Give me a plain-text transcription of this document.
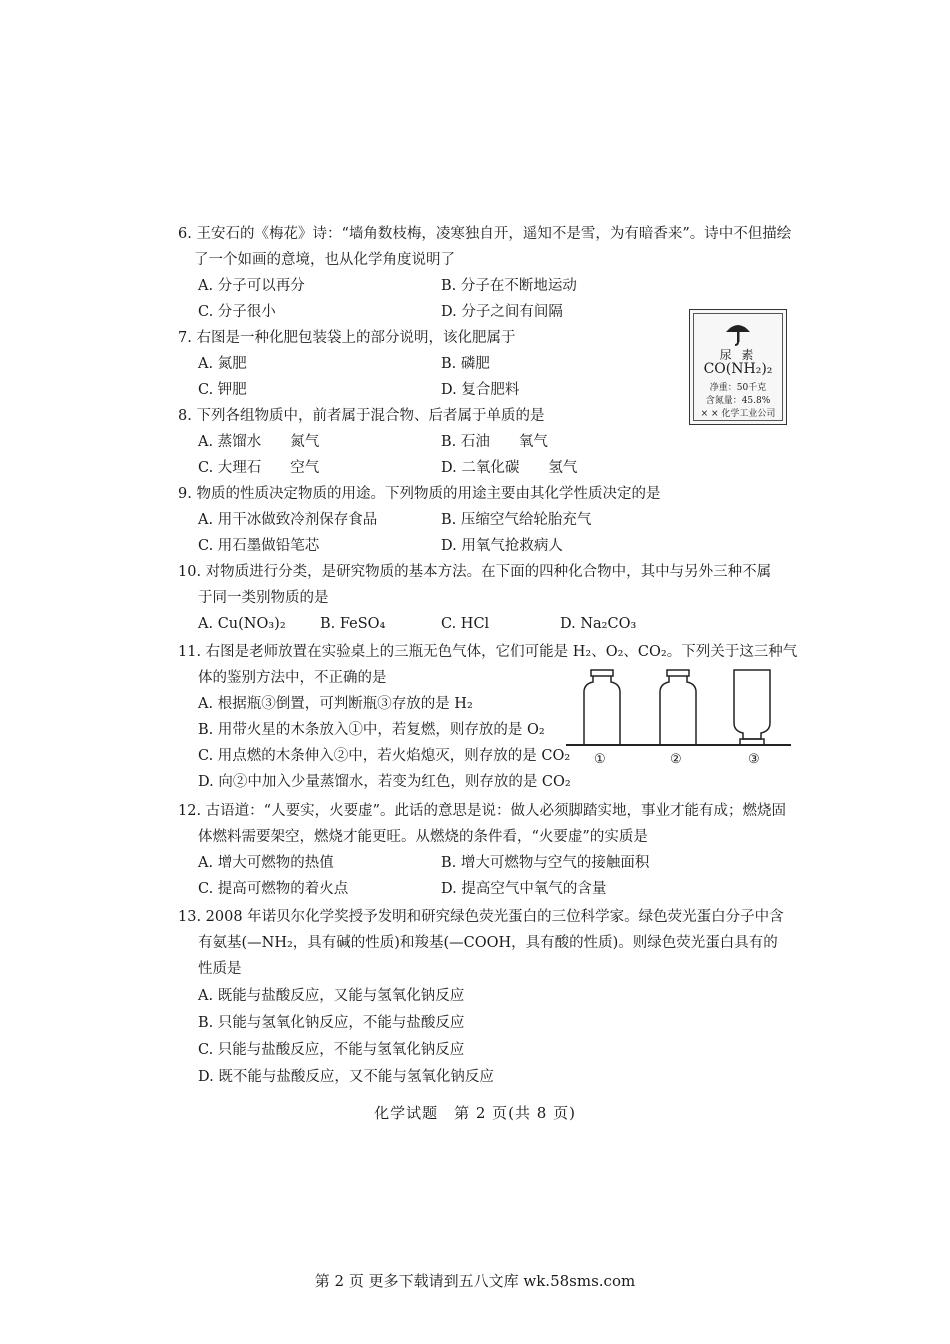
6. 王安石的《梅花》诗：“墙角数枝梅，凌寒独自开，遥知不是雪，为有暗香来”。诗中不但描绘
了一个如画的意境，也从化学角度说明了
A. 分子可以再分	B. 分子在不断地运动
C. 分子很小	D. 分子之间有间隔
7. 右图是一种化肥包装袋上的部分说明，该化肥属于
A. 氮肥	B. 磷肥
C. 钾肥	D. 复合肥料
尿 素
CO(NH₂)₂
净重：50千克
含氮量：45.8%
× × 化学工业公司
8. 下列各组物质中，前者属于混合物、后者属于单质的是
A. 蒸馏水　　氮气	B. 石油　　氧气
C. 大理石　　空气	D. 二氧化碳　　氢气
9. 物质的性质决定物质的用途。下列物质的用途主要由其化学性质决定的是
A. 用干冰做致冷剂保存食品	B. 压缩空气给轮胎充气
C. 用石墨做铅笔芯	D. 用氧气抢救病人
10. 对物质进行分类，是研究物质的基本方法。在下面的四种化合物中，其中与另外三种不属
于同一类别物质的是
A. Cu(NO₃)₂ B. FeSO₄	C. HCl	D. Na₂CO₃
11. 右图是老师放置在实验桌上的三瓶无色气体，它们可能是 H₂、O₂、CO₂。下列关于这三种气
体的鉴别方法中，不正确的是
A. 根据瓶③倒置，可判断瓶③存放的是 H₂
B. 用带火星的木条放入①中，若复燃，则存放的是 O₂
C. 用点燃的木条伸入②中，若火焰熄灭，则存放的是 CO₂
D. 向②中加入少量蒸馏水，若变为红色，则存放的是 CO₂
①	②	③
12. 古语道：“人要实，火要虚”。此话的意思是说：做人必须脚踏实地，事业才能有成；燃烧固
体燃料需要架空，燃烧才能更旺。从燃烧的条件看，“火要虚”的实质是
A. 增大可燃物的热值	B. 增大可燃物与空气的接触面积
C. 提高可燃物的着火点	D. 提高空气中氧气的含量
13. 2008 年诺贝尔化学奖授予发明和研究绿色荧光蛋白的三位科学家。绿色荧光蛋白分子中含
有氨基(—NH₂，具有碱的性质)和羧基(—COOH，具有酸的性质)。则绿色荧光蛋白具有的
性质是
A. 既能与盐酸反应，又能与氢氧化钠反应
B. 只能与氢氧化钠反应，不能与盐酸反应
C. 只能与盐酸反应，不能与氢氧化钠反应
D. 既不能与盐酸反应，又不能与氢氧化钠反应
化学试题　第 2 页(共 8 页)
第 2 页 更多下载请到五八文库 wk.58sms.com
